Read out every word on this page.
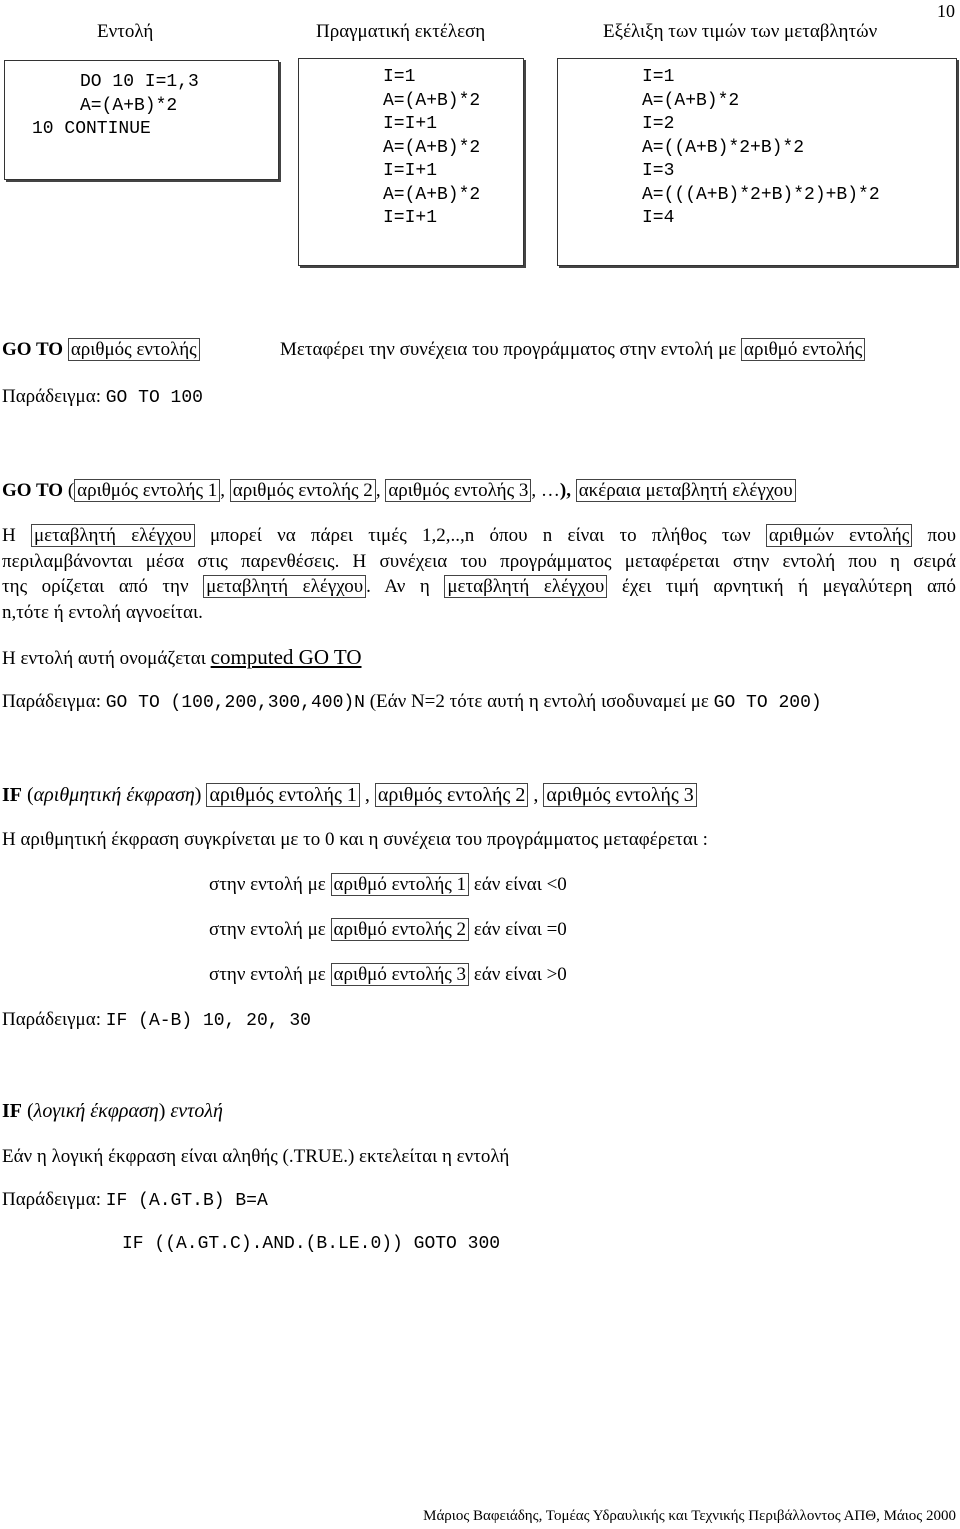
10
Εντολή	Πραγματική εκτέλεση	Εξέλιξη των τιμών των μεταβλητών
DO 10 I=1,3
A=(A+B)*2
10 CONTINUE
I=1
A=(A+B)*2
I=I+1
A=(A+B)*2
I=I+1
A=(A+B)*2
I=I+1
I=1
A=(A+B)*2
I=2
A=((A+B)*2+B)*2
I=3
A=(((A+B)*2+B)*2)+B)*2
I=4
GO TO αριθμός εντολής	Μεταφέρει την συνέχεια του προγράμματος στην εντολή με αριθμό εντολής
Παράδειγμα: GO TO 100
GO TO ( αριθμός εντολής 1 , αριθμός εντολής 2 , αριθμός εντολής 3 , …), ακέραια μεταβλητή ελέγχου
Η μεταβλητή ελέγχου μπορεί να πάρει τιμές 1,2,..,n όπου n είναι το πλήθος των αριθμών εντολής που
περιλαμβάνονται μέσα στις παρενθέσεις. Η συνέχεια του προγράμματος μεταφέρεται στην εντολή που η σειρά
της ορίζεται από την μεταβλητή ελέγχου . Αν η μεταβλητή ελέγχου έχει τιμή αρνητική ή μεγαλύτερη από
n,τότε ή εντολή αγνοείται.
Η εντολή αυτή ονομάζεται computed GO TO
Παράδειγμα: GO TO (100,200,300,400)N (Εάν Ν=2 τότε αυτή η εντολή ισοδυναμεί με GO TO 200)
IF (αριθμητική έκφραση) αριθμός εντολής 1 , αριθμός εντολής 2 , αριθμός εντολής 3
Η αριθμητική έκφραση συγκρίνεται με το 0 και η συνέχεια του προγράμματος μεταφέρεται :
στην εντολή με αριθμό εντολής 1 εάν είναι <0
στην εντολή με αριθμό εντολής 2 εάν είναι =0
στην εντολή με αριθμό εντολής 3 εάν είναι >0
Παράδειγμα: IF (A-B) 10, 20, 30
IF (λογική έκφραση) εντολή
Εάν η λογική έκφραση είναι αληθής (.TRUE.) εκτελείται η εντολή
Παράδειγμα: IF (A.GT.B) B=A
IF ((A.GT.C).AND.(B.LE.0)) GOTO 300
Μάριος Βαφειάδης, Τομέας Υδραυλικής και Τεχνικής Περιβάλλοντος ΑΠΘ, Μάιος 2000
